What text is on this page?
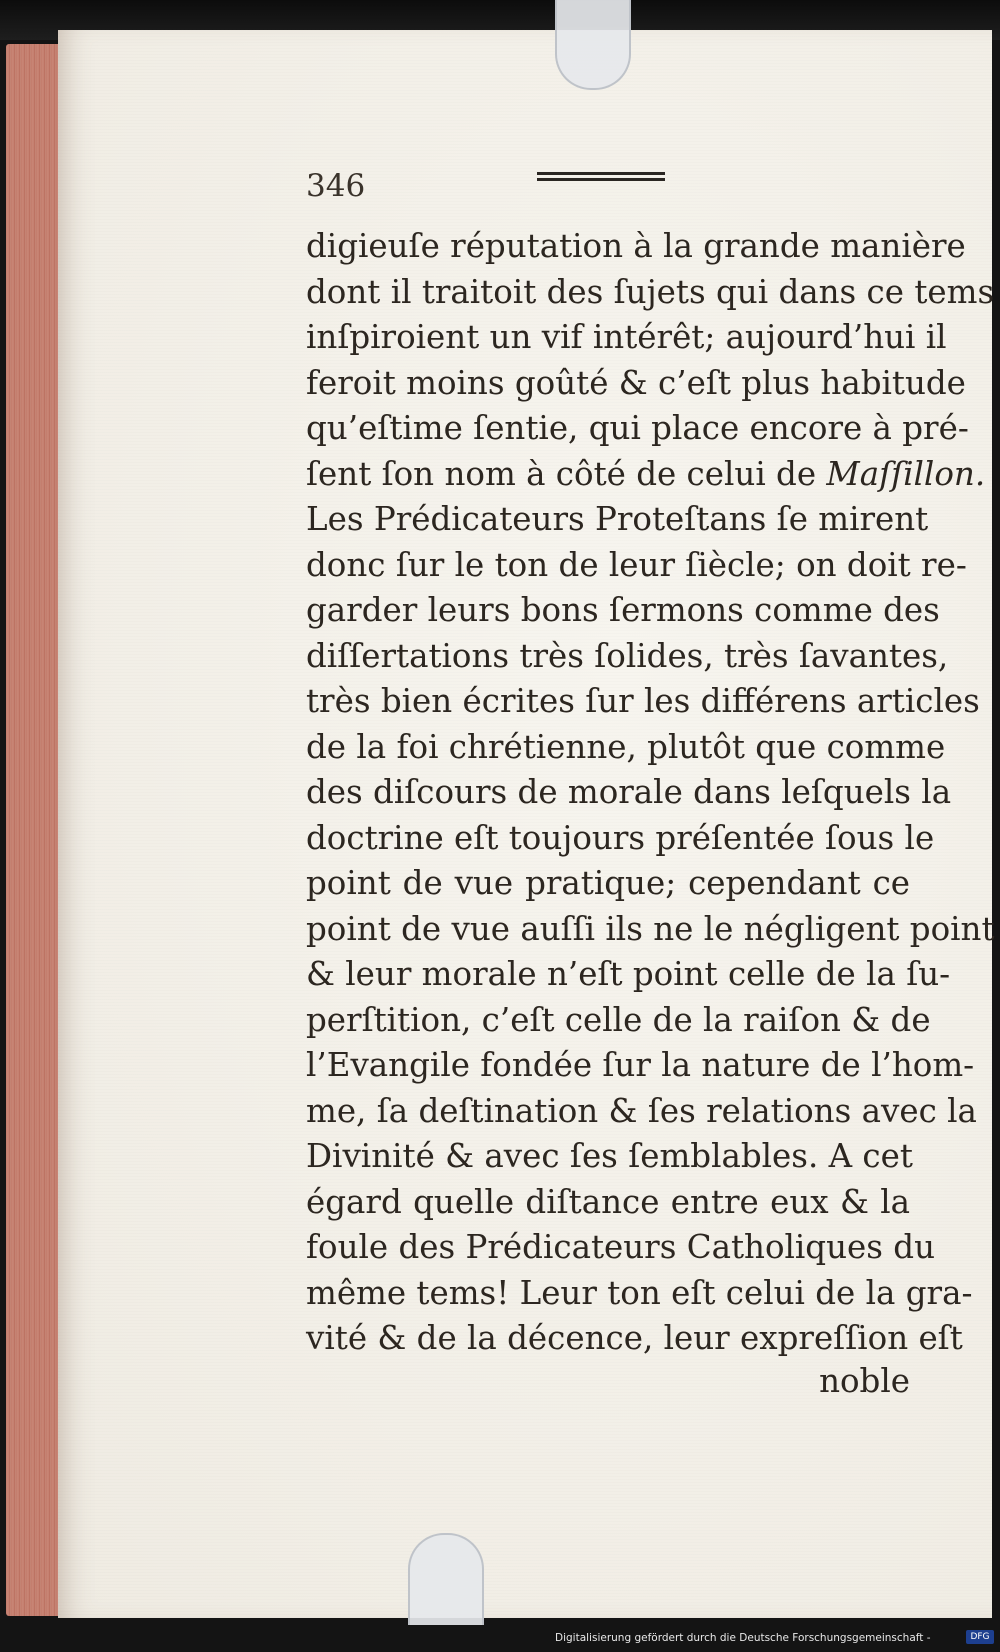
346
digieuſe réputation à la grande manière
dont il traitoit des ſujets qui dans ce tems
inſpiroient un vif intérêt; aujourd’hui il
feroit moins goûté & c’eſt plus habitude
qu’eſtime ſentie, qui place encore à pré-
ſent ſon nom à côté de celui de Maſſillon.
Les Prédicateurs Proteſtans ſe mirent
donc ſur le ton de leur ſiècle; on doit re-
garder leurs bons ſermons comme des
diſſertations très ſolides, très ſavantes,
très bien écrites ſur les différens articles
de la foi chrétienne, plutôt que comme
des diſcours de morale dans leſquels la
doctrine eſt toujours préſentée ſous le
point de vue pratique; cependant ce
point de vue auſſi ils ne le négligent point
& leur morale n’eſt point celle de la ſu-
perſtition, c’eſt celle de la raiſon & de
l’Evangile fondée ſur la nature de l’hom-
me, ſa deſtination & ſes relations avec la
Divinité & avec ſes ſemblables. A cet
égard quelle diſtance entre eux & la
foule des Prédicateurs Catholiques du
même tems! Leur ton eſt celui de la gra-
vité & de la décence, leur expreſſion eſt
noble
Digitalisierung gefördert durch die Deutsche Forschungsgemeinschaft -	DFG
